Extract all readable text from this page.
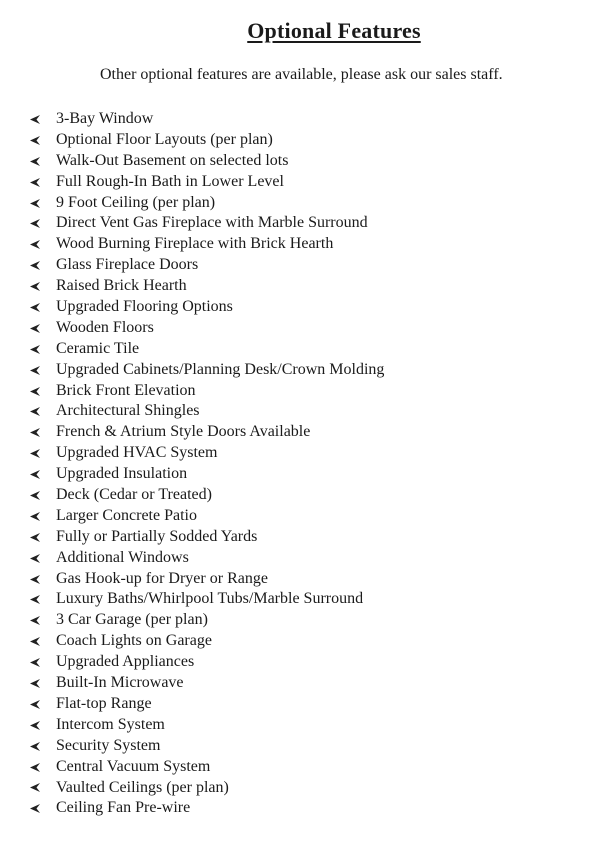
Optional Features
Other optional features are available, please ask our sales staff.
3-Bay Window
Optional Floor Layouts (per plan)
Walk-Out Basement on selected lots
Full Rough-In Bath in Lower Level
9 Foot Ceiling (per plan)
Direct Vent Gas Fireplace with Marble Surround
Wood Burning Fireplace with Brick Hearth
Glass Fireplace Doors
Raised Brick Hearth
Upgraded Flooring Options
Wooden Floors
Ceramic Tile
Upgraded Cabinets/Planning Desk/Crown Molding
Brick Front Elevation
Architectural Shingles
French & Atrium Style Doors Available
Upgraded HVAC System
Upgraded Insulation
Deck (Cedar or Treated)
Larger Concrete Patio
Fully or Partially Sodded Yards
Additional Windows
Gas Hook-up for Dryer or Range
Luxury Baths/Whirlpool Tubs/Marble Surround
3 Car Garage (per plan)
Coach Lights on Garage
Upgraded Appliances
Built-In Microwave
Flat-top Range
Intercom System
Security System
Central Vacuum System
Vaulted Ceilings (per plan)
Ceiling Fan Pre-wire
